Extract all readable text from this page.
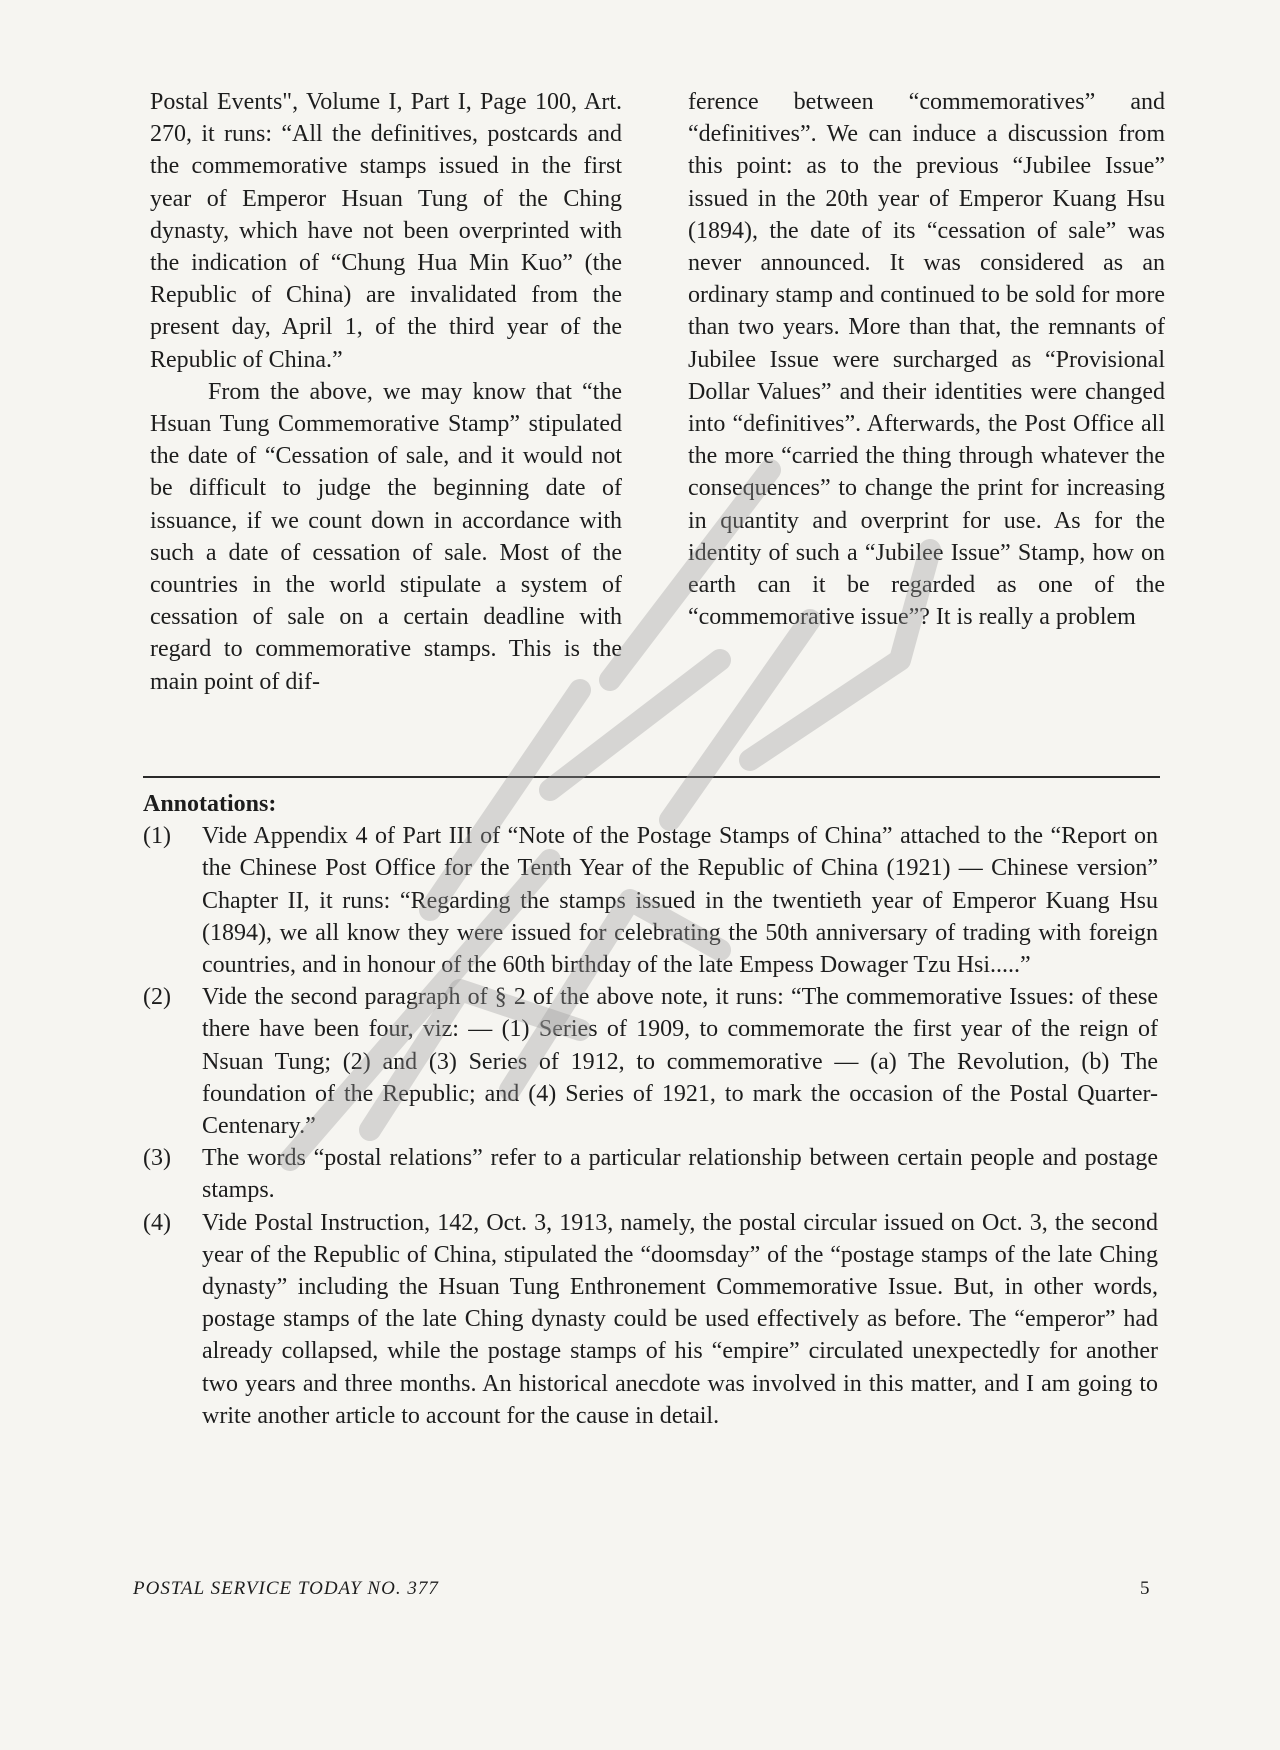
Postal Events", Volume I, Part I, Page 100, Art. 270, it runs: “All the definitives, postcards and the commemorative stamps issued in the first year of Emperor Hsuan Tung of the Ching dynasty, which have not been overprinted with the indication of “Chung Hua Min Kuo” (the Republic of China) are invalidated from the present day, April 1, of the third year of the Republic of China.”

From the above, we may know that “the Hsuan Tung Commemorative Stamp” stipulated the date of “Cessation of sale, and it would not be difficult to judge the beginning date of issuance, if we count down in accordance with such a date of cessation of sale. Most of the countries in the world stipulate a system of cessation of sale on a certain deadline with regard to commemorative stamps. This is the main point of dif-

ference between “commemoratives” and “definitives”. We can induce a discussion from this point: as to the previous “Jubilee Issue” issued in the 20th year of Emperor Kuang Hsu (1894), the date of its “cessation of sale” was never announced. It was considered as an ordinary stamp and continued to be sold for more than two years. More than that, the remnants of Jubilee Issue were surcharged as “Provisional Dollar Values” and their identities were changed into “definitives”. Afterwards, the Post Office all the more “carried the thing through whatever the consequences” to change the print for increasing in quantity and overprint for use. As for the identity of such a “Jubilee Issue” Stamp, how on earth can it be regarded as one of the “commemorative issue”? It is really a problem

Annotations:

(1)	Vide Appendix 4 of Part III of “Note of the Postage Stamps of China” attached to the “Report on the Chinese Post Office for the Tenth Year of the Republic of China (1921) — Chinese version” Chapter II, it runs: “Regarding the stamps issued in the twentieth year of Emperor Kuang Hsu (1894), we all know they were issued for celebrating the 50th anniversary of trading with foreign countries, and in honour of the 60th birthday of the late Empess Dowager Tzu Hsi.....”
(2)	Vide the second paragraph of § 2 of the above note, it runs: “The commemorative Issues: of these there have been four, viz: — (1) Series of 1909, to commemorate the first year of the reign of Nsuan Tung; (2) and (3) Series of 1912, to commemorative — (a) The Revolution, (b) The foundation of the Republic; and (4) Series of 1921, to mark the occasion of the Postal Quarter-Centenary.”
(3)	The words “postal relations” refer to a particular relationship between certain people and postage stamps.
(4)	Vide Postal Instruction, 142, Oct. 3, 1913, namely, the postal circular issued on Oct. 3, the second year of the Republic of China, stipulated the “doomsday” of the “postage stamps of the late Ching dynasty” including the Hsuan Tung Enthronement Commemorative Issue. But, in other words, postage stamps of the late Ching dynasty could be used effectively as before. The “emperor” had already collapsed, while the postage stamps of his “empire” circulated unexpectedly for another two years and three months. An historical anecdote was involved in this matter, and I am going to write another article to account for the cause in detail.
POSTAL SERVICE TODAY NO. 377	5
